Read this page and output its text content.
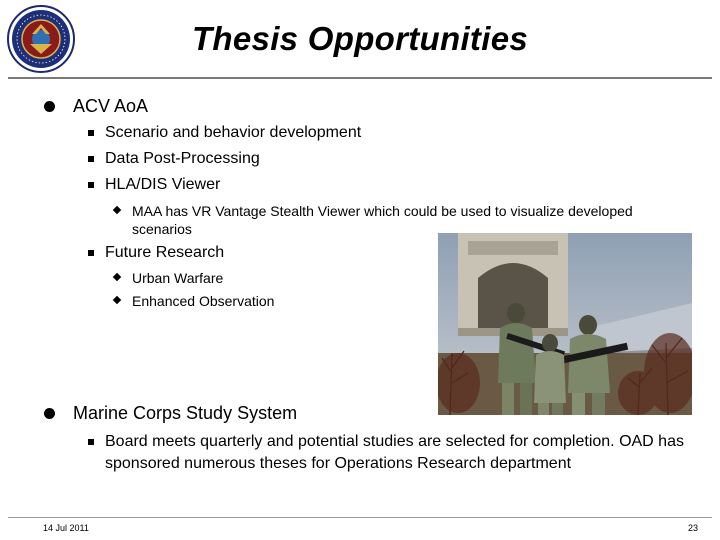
Thesis Opportunities
ACV AoA
Scenario and behavior development
Data Post-Processing
HLA/DIS Viewer
MAA has VR Vantage Stealth Viewer which could be used to visualize developed scenarios
Future Research
Urban Warfare
Enhanced Observation
Marine Corps Study System
Board meets quarterly and potential studies are selected for completion. OAD has sponsored numerous theses for Operations Research department
14 Jul 2011	23
